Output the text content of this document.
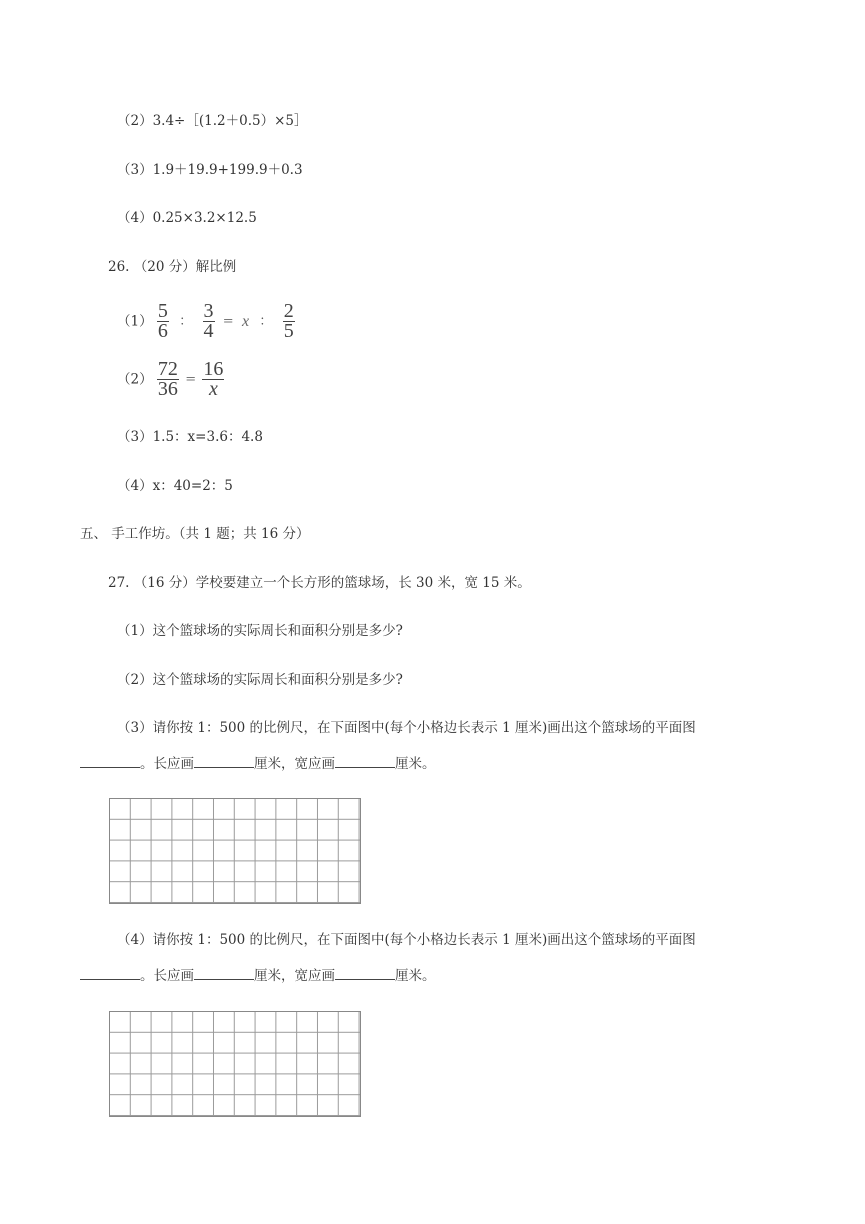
（2）3.4÷［(1.2＋0.5）×5］
（3）1.9＋19.9+199.9＋0.3
（4）0.25×3.2×12.5
26. （20 分）解比例
$(1) \frac{5}{6}$ ： $\frac{3}{4} = x$ ： $\frac{2}{5}$
$(2) \frac{72}{36} = \frac{16}{x}$
（3）1.5：x=3.6：4.8
（4）x：40=2：5
五、 手工作坊。（共 1 题；共 16 分）
27. （16 分）学校要建立一个长方形的篮球场，长 30 米，宽 15 米。
（1）这个篮球场的实际周长和面积分别是多少?
（2）这个篮球场的实际周长和面积分别是多少?
（3）请你按 1：500 的比例尺，在下面图中(每个小格边长表示 1 厘米)画出这个篮球场的平面图
。长应画	厘米，宽应画	厘米。
（4）请你按 1：500 的比例尺，在下面图中(每个小格边长表示 1 厘米)画出这个篮球场的平面图
。长应画	厘米，宽应画	厘米。
